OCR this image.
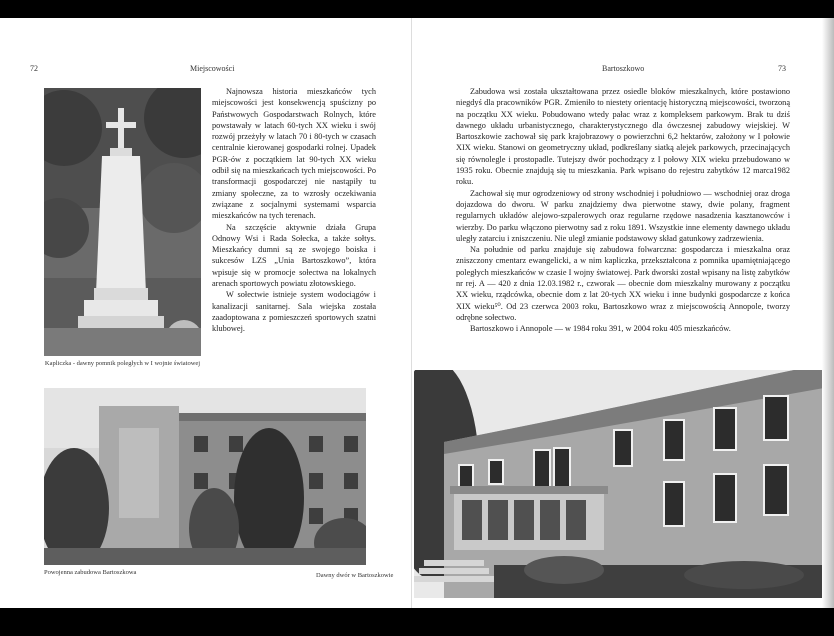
72	Miejscowości
Kapliczka - dawny pomnik poległych w I wojnie światowej

Najnowsza historia mieszkańców tych miejscowości jest konsekwencją spuścizny po Państwowych Gospodarstwach Rolnych, które powstawały w latach 60-tych XX wieku i swój rozwój przeżyły w latach 70 i 80-tych w czasach centralnie kierowanej gospodarki rolnej. Upadek PGR-ów z początkiem lat 90-tych XX wieku odbił się na mieszkańcach tych miejscowości. Po transformacji gospodarczej nie nastąpiły tu zmiany społeczne, za to wzrosły oczekiwania związane z socjalnymi systemami wsparcia mieszkańców na tych terenach.

Na szczęście aktywnie działa Grupa Odnowy Wsi i Rada Sołecka, a także sołtys. Mieszkańcy dumni są ze swojego boiska i sukcesów LZS „Unia Bartoszkowo”, która wpisuje się w promocje sołectwa na lokalnych arenach sportowych powiatu złotowskiego.

W sołectwie istnieje system wodociągów i kanalizacji sanitarnej. Sala wiejska została zaadoptowana z pomieszczeń sportowych szatni klubowej.

Powojenna zabudowa Bartoszkowa
Bartoszkowo	73

Zabudowa wsi została ukształtowana przez osiedle bloków mieszkalnych, które postawiono niegdyś dla pracowników PGR. Zmieniło to niestety orientację historyczną miejscowości, tworzoną na początku XX wieku. Pobudowano wtedy pałac wraz z kompleksem parkowym. Brak tu dziś dawnego układu urbanistycznego, charakterystycznego dla ówczesnej zabudowy wiejskiej. W Bartoszkowie zachował się park krajobrazowy o powierzchni 6,2 hektarów, założony w I połowie XIX wieku. Stanowi on geometryczny układ, podkreślany siatką alejek parkowych, przecinających się równolegle i prostopadle. Tutejszy dwór pochodzący z I połowy XIX wieku przebudowano w 1935 roku. Obecnie znajdują się tu mieszkania. Park wpisano do rejestru zabytków 12 marca1982 roku.

Zachował się mur ogrodzeniowy od strony wschodniej i południowo — wschodniej oraz droga dojazdowa do dworu. W parku znajdziemy dwa pierwotne stawy, dwie polany, fragment regularnych układów alejowo-szpalerowych oraz regularne rzędowe nasadzenia kasztanowców i wierzby. Do parku włączono pierwotny sad z roku 1891. Wszystkie inne elementy dawnego układu uległy zatarciu i zniszczeniu. Nie uległ zmianie podstawowy skład gatunkowy zadrzewienia.

Na południe od parku znajduje się zabudowa folwarczna: gospodarcza i mieszkalna oraz zniszczony cmentarz ewangelicki, a w nim kapliczka, przekształcona z pomnika upamiętniającego poległych mieszkańców w czasie I wojny światowej. Park dworski został wpisany na listę zabytków nr rej. A — 420 z dnia 12.03.1982 r., czworak — obecnie dom mieszkalny murowany z początku XX wieku, rządcówka, obecnie dom z lat 20-tych XX wieku i inne budynki gospodarcze z końca XIX wieku⁵⁰. Od 23 czerwca 2003 roku, Bartoszkowo wraz z miejscowością Annopole, tworzy odrębne sołectwo.

Bartoszkowo i Annopole — w 1984 roku 391, w 2004 roku 405 mieszkańców.

Dawny dwór w Bartoszkowie
